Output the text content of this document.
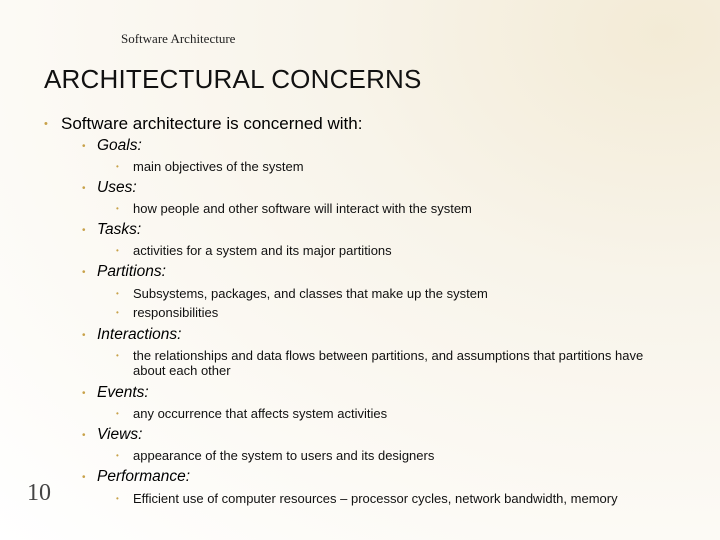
Software Architecture
ARCHITECTURAL CONCERNS
• Software architecture is concerned with:
• Goals:
• main objectives of the system
• Uses:
• how people and other software will interact with the system
• Tasks:
• activities for a system and its major partitions
• Partitions:
• Subsystems, packages, and classes that make up the system
• responsibilities
• Interactions:
• the relationships and data flows between partitions, and assumptions that partitions have about each other
• Events:
• any occurrence that affects system activities
• Views:
• appearance of the system to users and its designers
• Performance:
• Efficient use of computer resources – processor cycles, network bandwidth, memory
10
